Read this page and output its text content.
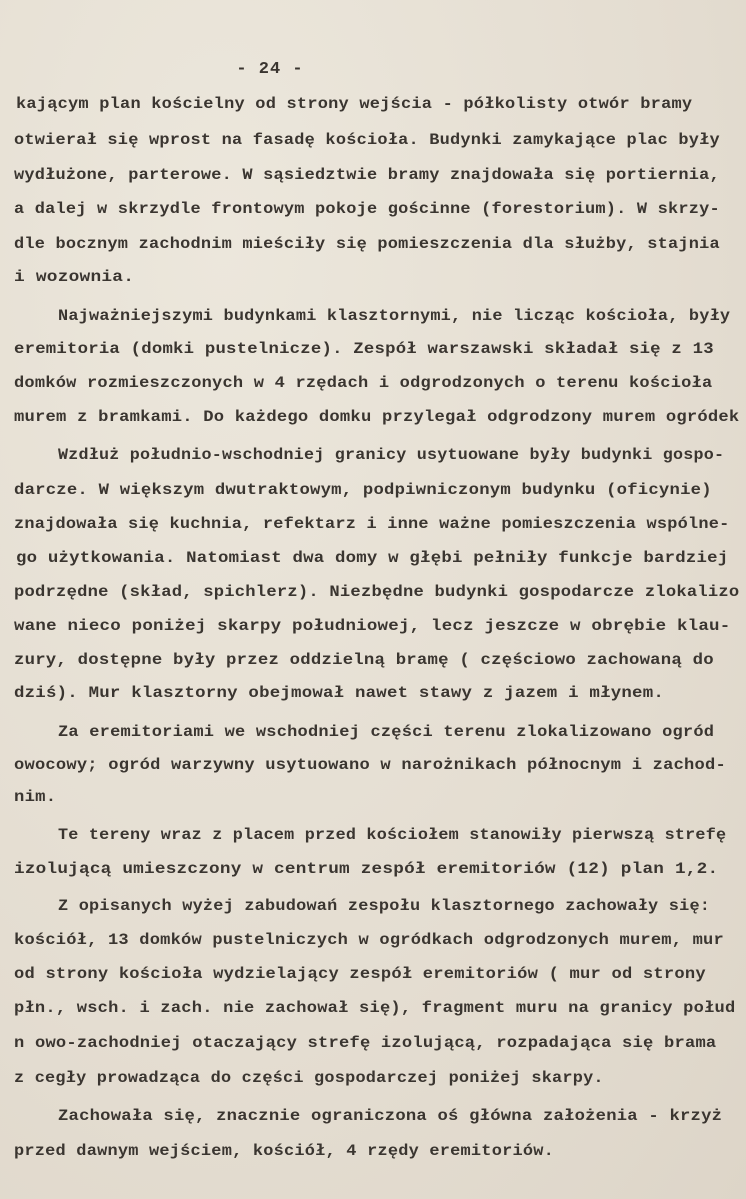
- 24 -
kającym plan kościelny od strony wejścia - półkolisty otwór bramy
otwierał się wprost na fasadę kościoła. Budynki zamykające plac były
wydłużone, parterowe. W sąsiedztwie bramy znajdowała się portiernia,
a dalej w skrzydle frontowym pokoje gościnne (forestorium). W skrzy-
dle bocznym zachodnim mieściły się pomieszczenia dla służby, stajnia
i wozownia.
Najważniejszymi budynkami klasztornymi, nie licząc kościoła, były
eremitoria (domki pustelnicze). Zespół warszawski składał się z 13
domków rozmieszczonych w 4 rzędach i odgrodzonych o terenu kościoła
murem z bramkami. Do każdego domku przylegał odgrodzony murem ogródek
Wzdłuż południo-wschodniej granicy usytuowane były budynki gospo-
darcze. W większym dwutraktowym, podpiwniczonym budynku (oficynie)
znajdowała się kuchnia, refektarz i inne ważne pomieszczenia wspólne-
go użytkowania. Natomiast dwa domy w głębi pełniły funkcje bardziej
podrzędne (skład, spichlerz). Niezbędne budynki gospodarcze zlokalizo
wane nieco poniżej skarpy południowej, lecz jeszcze w obrębie klau-
zury, dostępne były przez oddzielną bramę ( częściowo zachowaną do
dziś). Mur klasztorny obejmował nawet stawy z jazem i młynem.
Za eremitoriami we wschodniej części terenu zlokalizowano ogród
owocowy; ogród warzywny usytuowano w narożnikach północnym i zachod-
nim.
Te tereny wraz z placem przed kościołem stanowiły pierwszą strefę
izolującą umieszczony w centrum zespół eremitoriów (12) plan 1,2.
Z opisanych wyżej zabudowań zespołu klasztornego zachowały się:
kościół, 13 domków pustelniczych w ogródkach odgrodzonych murem, mur
od strony kościoła wydzielający zespół eremitoriów ( mur od strony
płn., wsch. i zach. nie zachował się), fragment muru na granicy połud
n owo-zachodniej otaczający strefę izolującą, rozpadająca się brama
z cegły prowadząca do części gospodarczej poniżej skarpy.
Zachowała się, znacznie ograniczona oś główna założenia - krzyż
przed dawnym wejściem, kościół, 4 rzędy eremitoriów.
